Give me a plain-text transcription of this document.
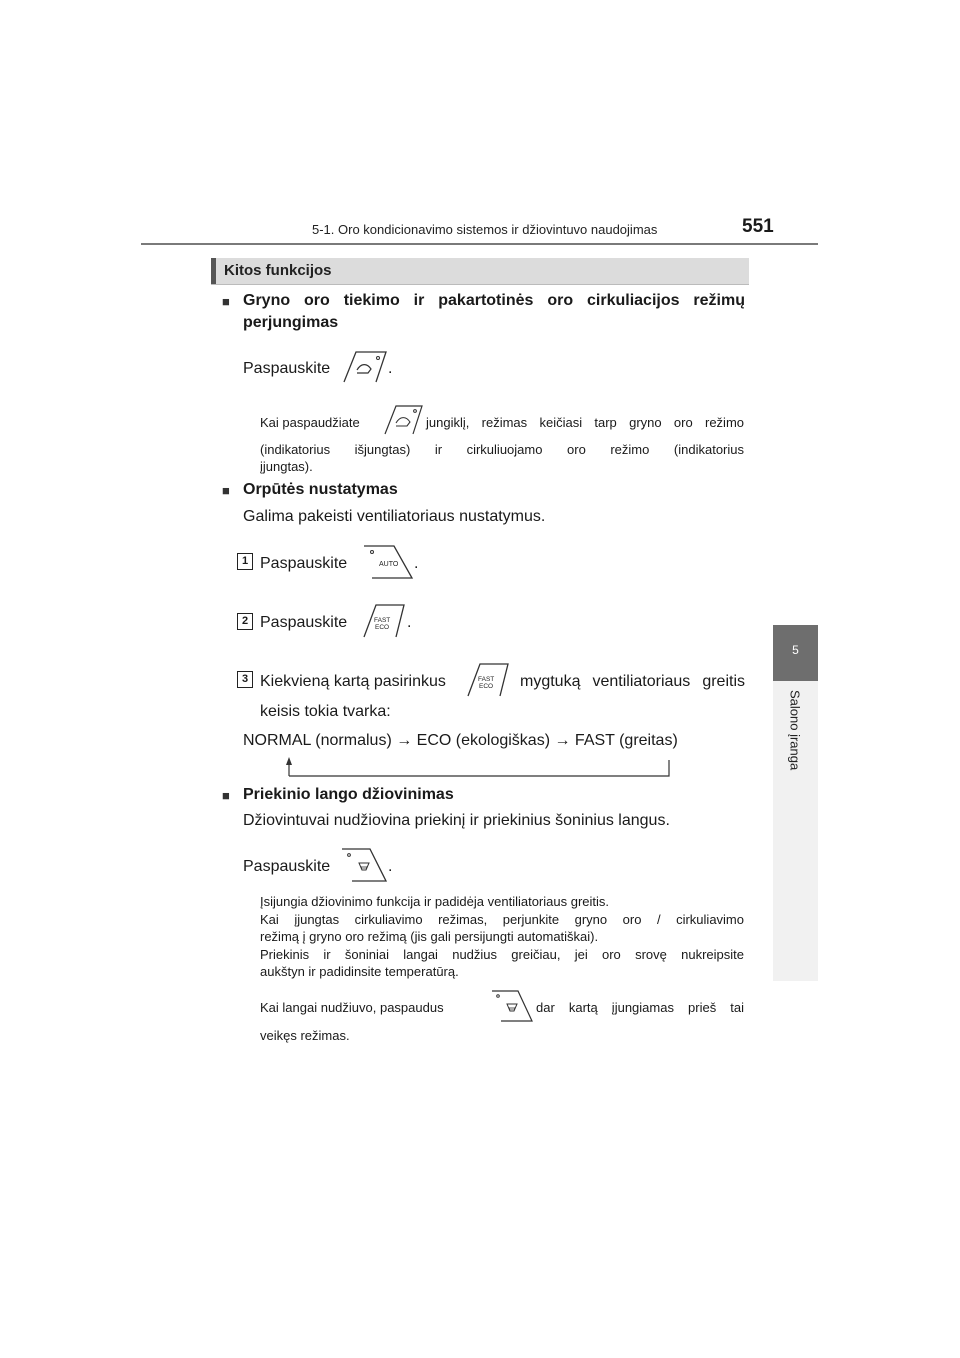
5-1. Oro kondicionavimo sistemos ir džiovintuvo naudojimas	551
5
Salono įranga
Kitos funkcijos
■ Gryno oro tiekimo ir pakartotinės oro cirkuliacijos režimų
perjungimas
Paspauskite	.
Kai paspaudžiate	jungiklį, režimas keičiasi tarp gryno oro režimo
(indikatorius išjungtas) ir cirkuliuojamo oro režimo (indikatorius
įjungtas).
■ Orpūtės nustatymas
Galima pakeisti ventiliatoriaus nustatymus.
1 Paspauskite	AUTO .
2 Paspauskite	FAST
ECO .
3 Kiekvieną kartą pasirinkus	FAST
ECO mygtuką ventiliatoriaus greitis
keisis tokia tvarka:
NORMAL (normalus) → ECO (ekologiškas) → FAST (greitas)
■ Priekinio lango džiovinimas
Džiovintuvai nudžiovina priekinį ir priekinius šoninius langus.
Paspauskite	.
Įsijungia džiovinimo funkcija ir padidėja ventiliatoriaus greitis.
Kai įjungtas cirkuliavimo režimas, perjunkite gryno oro / cirkuliavimo
režimą į gryno oro režimą (jis gali persijungti automatiškai).
Priekinis ir šoniniai langai nudžius greičiau, jei oro srovę nukreipsite
aukštyn ir padidinsite temperatūrą.
Kai langai nudžiuvo, paspaudus	dar kartą įjungiamas prieš tai
veikęs režimas.
